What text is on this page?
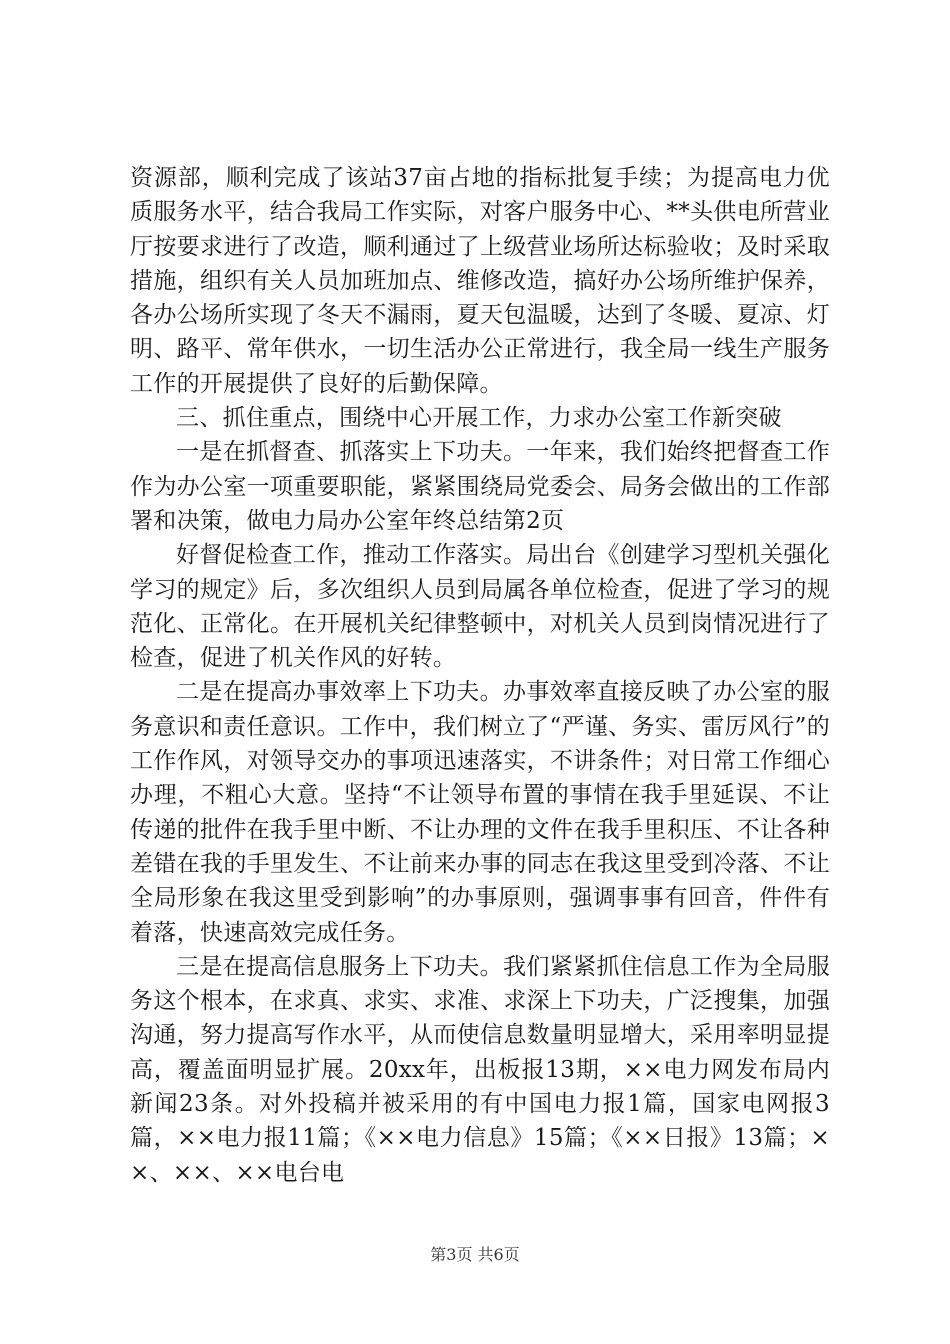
资源部，顺利完成了该站37亩占地的指标批复手续；为提高电力优质服务水平，结合我局工作实际，对客户服务中心、**头供电所营业厅按要求进行了改造，顺利通过了上级营业场所达标验收；及时采取措施，组织有关人员加班加点、维修改造，搞好办公场所维护保养，各办公场所实现了冬天不漏雨，夏天包温暖，达到了冬暖、夏凉、灯明、路平、常年供水，一切生活办公正常进行，我全局一线生产服务工作的开展提供了良好的后勤保障。

三、抓住重点，围绕中心开展工作，力求办公室工作新突破

一是在抓督查、抓落实上下功夫。一年来，我们始终把督查工作作为办公室一项重要职能，紧紧围绕局党委会、局务会做出的工作部署和决策，做电力局办公室年终总结第2页

好督促检查工作，推动工作落实。局出台《创建学习型机关强化学习的规定》后，多次组织人员到局属各单位检查，促进了学习的规范化、正常化。在开展机关纪律整顿中，对机关人员到岗情况进行了检查，促进了机关作风的好转。

二是在提高办事效率上下功夫。办事效率直接反映了办公室的服务意识和责任意识。工作中，我们树立了“严谨、务实、雷厉风行”的工作作风，对领导交办的事项迅速落实，不讲条件；对日常工作细心办理，不粗心大意。坚持“不让领导布置的事情在我手里延误、不让传递的批件在我手里中断、不让办理的文件在我手里积压、不让各种差错在我的手里发生、不让前来办事的同志在我这里受到冷落、不让全局形象在我这里受到影响”的办事原则，强调事事有回音，件件有着落，快速高效完成任务。

三是在提高信息服务上下功夫。我们紧紧抓住信息工作为全局服务这个根本，在求真、求实、求准、求深上下功夫，广泛搜集，加强沟通，努力提高写作水平，从而使信息数量明显增大，采用率明显提高，覆盖面明显扩展。20xx年，出板报13期，××电力网发布局内新闻23条。对外投稿并被采用的有中国电力报1篇，国家电网报3篇，××电力报11篇；《××电力信息》15篇；《××日报》13篇；××、××、××电台电

第3页 共6页
